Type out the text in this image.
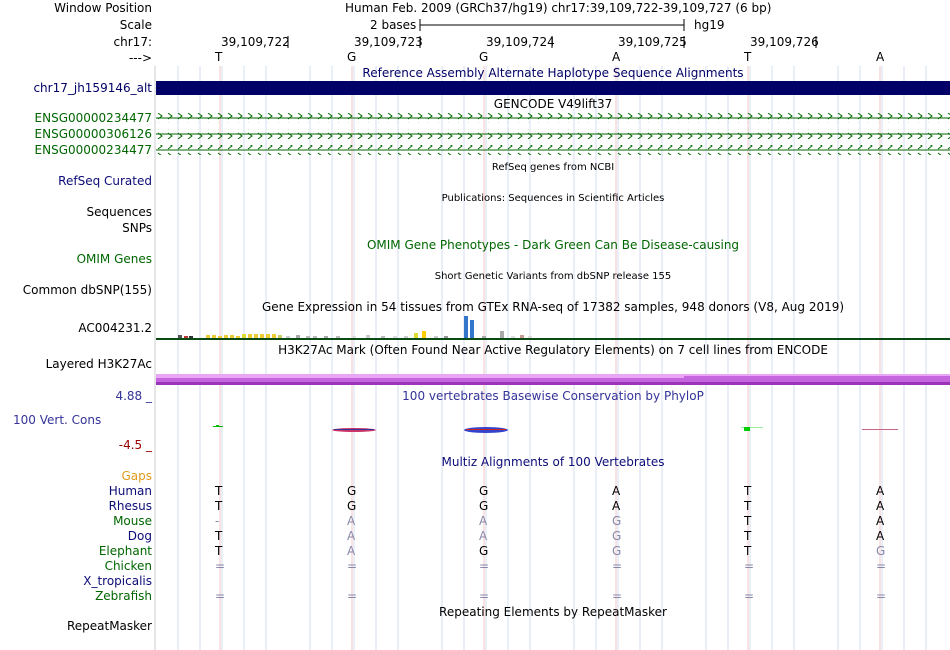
Window Position	Human Feb. 2009 (GRCh37/hg19) chr17:39,109,722-39,109,727 (6 bp)
Scale	2 bases	hg19
chr17:
--->
39,109,722	39,109,723	39,109,724	39,109,725	39,109,726
T	G	G	A	T	A
Reference Assembly Alternate Haplotype Sequence Alignments
chr17_jh159146_alt
GENCODE V49lift37
ENSG00000234477
ENSG00000306126
ENSG00000234477
RefSeq genes from NCBI
RefSeq Curated
Publications: Sequences in Scientific Articles
Sequences
SNPs
OMIM Gene Phenotypes - Dark Green Can Be Disease-causing
OMIM Genes
Short Genetic Variants from dbSNP release 155
Common dbSNP(155)
Gene Expression in 54 tissues from GTEx RNA-seq of 17382 samples, 948 donors (V8, Aug 2019)
AC004231.2
H3K27Ac Mark (Often Found Near Active Regulatory Elements) on 7 cell lines from ENCODE
Layered H3K27Ac
100 vertebrates Basewise Conservation by PhyloP
4.88 _
100 Vert. Cons
-4.5 _
Multiz Alignments of 100 Vertebrates
Gaps
Human	T	G	G	A	T	A
Rhesus	T	G	G	A	T	A
Mouse	-	A	A	G	T	A
Dog	T	A	A	G	T	A
Elephant	T	A	G	G	T	G
Chicken	=	=	=	=	=	=
X_tropicalis
Zebrafish	=	=	=	=	=	=
Repeating Elements by RepeatMasker
RepeatMasker
